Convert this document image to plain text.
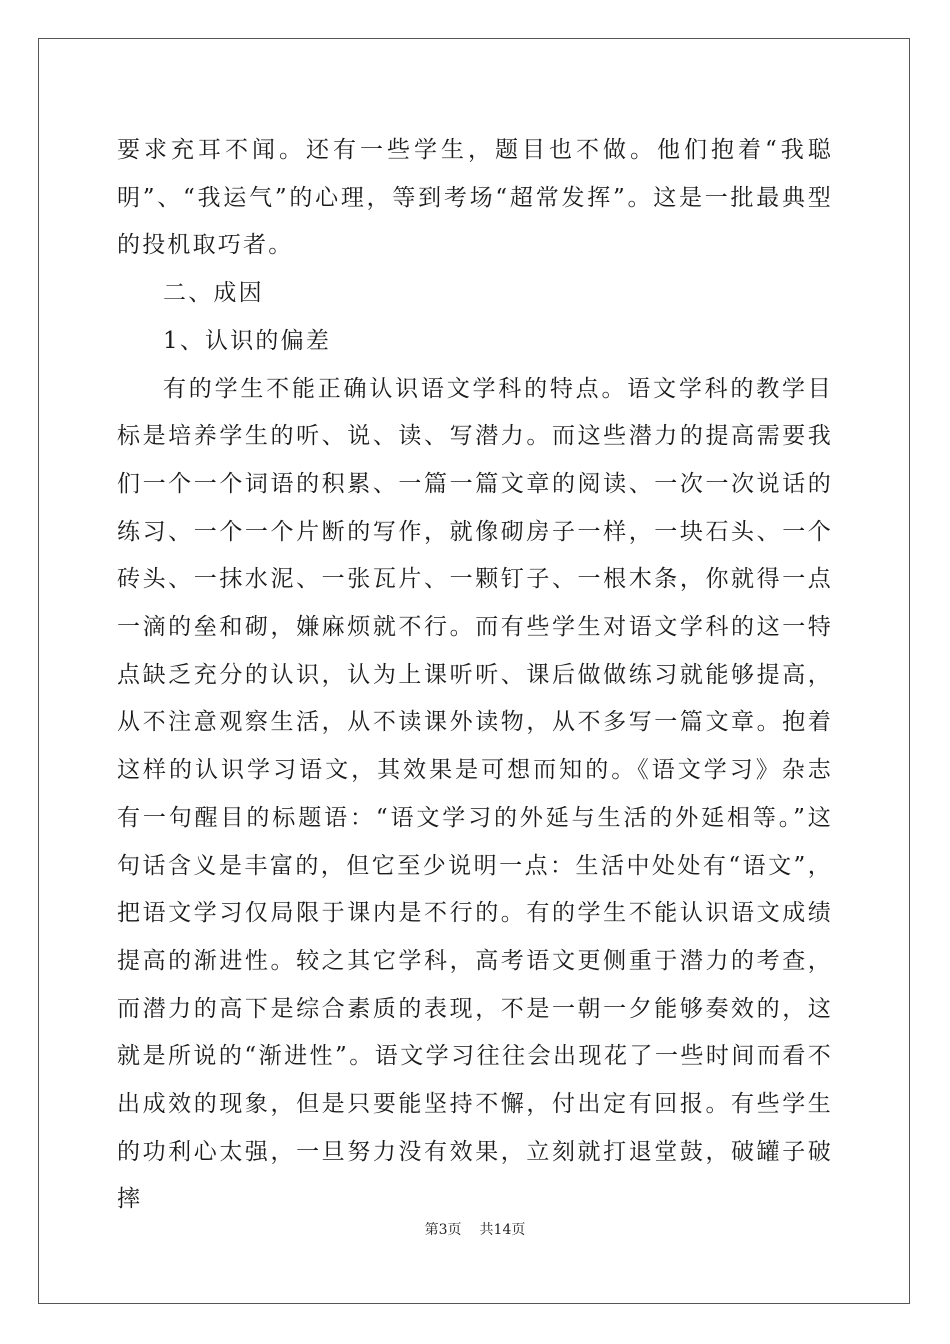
要求充耳不闻。还有一些学生，题目也不做。他们抱着“我聪明”、“我运气”的心理，等到考场“超常发挥”。这是一批最典型的投机取巧者。

二、成因

1、认识的偏差

有的学生不能正确认识语文学科的特点。语文学科的教学目标是培养学生的听、说、读、写潜力。而这些潜力的提高需要我们一个一个词语的积累、一篇一篇文章的阅读、一次一次说话的练习、一个一个片断的写作，就像砌房子一样，一块石头、一个砖头、一抹水泥、一张瓦片、一颗钉子、一根木条，你就得一点一滴的垒和砌，嫌麻烦就不行。而有些学生对语文学科的这一特点缺乏充分的认识，认为上课听听、课后做做练习就能够提高，从不注意观察生活，从不读课外读物，从不多写一篇文章。抱着这样的认识学习语文，其效果是可想而知的。《语文学习》杂志有一句醒目的标题语：“语文学习的外延与生活的外延相等。”这句话含义是丰富的，但它至少说明一点：生活中处处有“语文”，把语文学习仅局限于课内是不行的。有的学生不能认识语文成绩提高的渐进性。较之其它学科，高考语文更侧重于潜力的考查，而潜力的高下是综合素质的表现，不是一朝一夕能够奏效的，这就是所说的“渐进性”。语文学习往往会出现花了一些时间而看不出成效的现象，但是只要能坚持不懈，付出定有回报。有些学生的功利心太强，一旦努力没有效果，立刻就打退堂鼓，破罐子破摔

第3页 共14页
